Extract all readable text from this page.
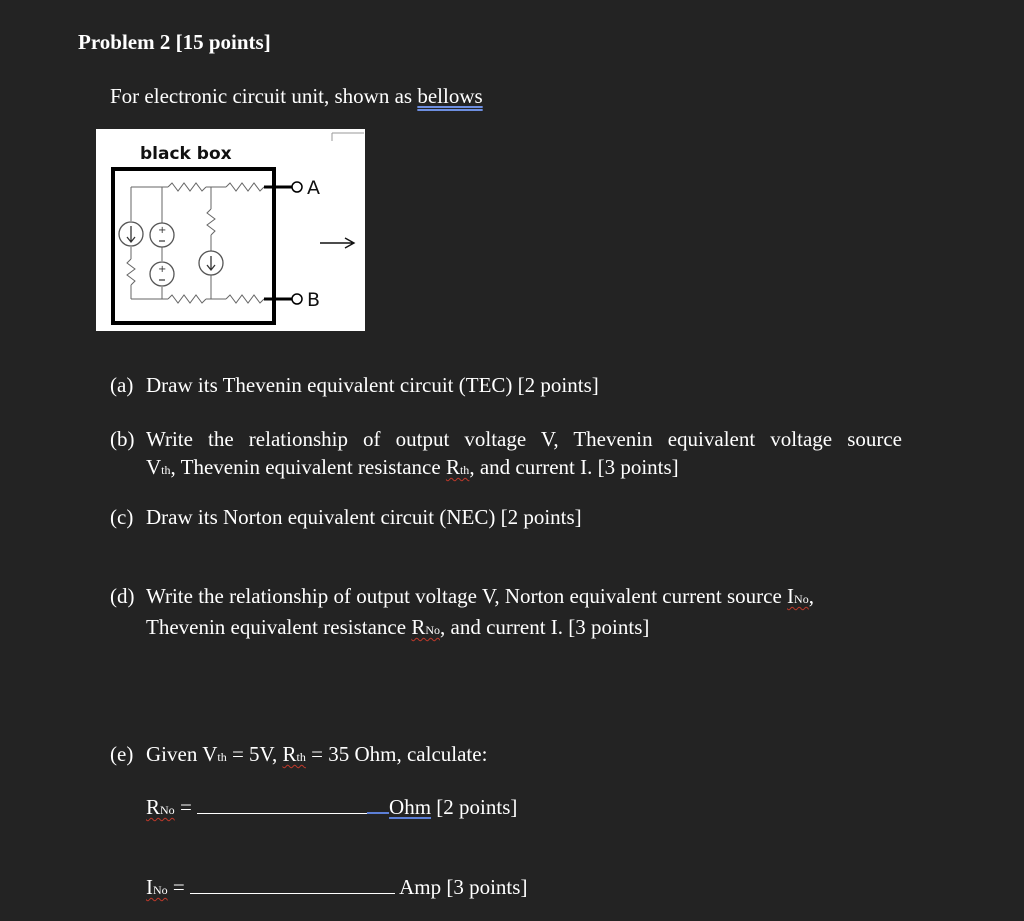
Problem 2 [15 points]
For electronic circuit unit, shown as bellows
black box
+
+
A
B
(a) Draw its Thevenin equivalent circuit (TEC) [2 points]
(b) Write the relationship of output voltage V, Thevenin equivalent voltage source
Vth, Thevenin equivalent resistance Rth, and current I. [3 points]
(c) Draw its Norton equivalent circuit (NEC) [2 points]
(d) Write the relationship of output voltage V, Norton equivalent current source INo,
Thevenin equivalent resistance RNo, and current I. [3 points]
(e) Given Vth = 5V, Rth = 35 Ohm, calculate:
RNo =	Ohm [2 points]
INo =	Amp [3 points]
